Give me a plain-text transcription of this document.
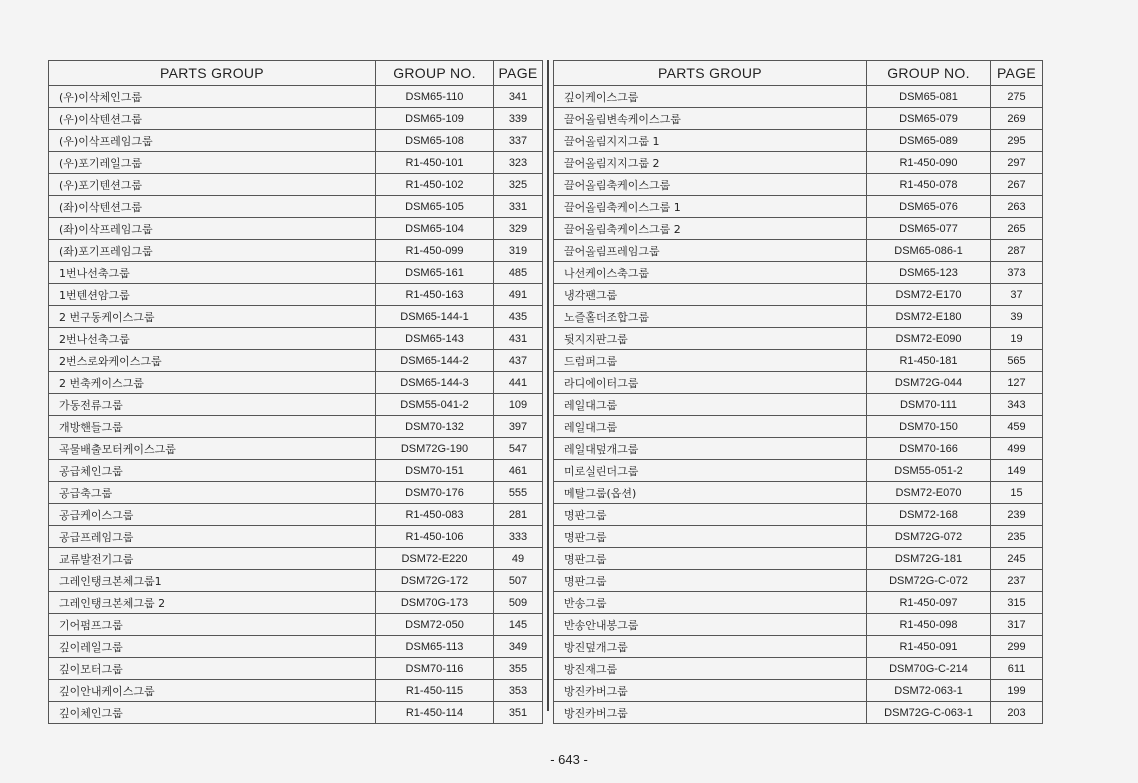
PARTS GROUP	GROUP NO.	PAGE
(우)이삭체인그룹	DSM65-110	341
(우)이삭텐션그룹	DSM65-109	339
(우)이삭프레임그룹	DSM65-108	337
(우)포기레일그룹	R1-450-101	323
(우)포기텐션그룹	R1-450-102	325
(좌)이삭텐션그룹	DSM65-105	331
(좌)이삭프레임그룹	DSM65-104	329
(좌)포기프레임그룹	R1-450-099	319
1번나선축그룹	DSM65-161	485
1번텐션암그룹	R1-450-163	491
2 번구동케이스그룹	DSM65-144-1	435
2번나선축그룹	DSM65-143	431
2번스로와케이스그룹	DSM65-144-2	437
2 번축케이스그룹	DSM65-144-3	441
가동전류그룹	DSM55-041-2	109
개방핸들그룹	DSM70-132	397
곡물배출모터케이스그룹	DSM72G-190	547
공급체인그룹	DSM70-151	461
공급축그룹	DSM70-176	555
공급케이스그룹	R1-450-083	281
공급프레임그룹	R1-450-106	333
교류발전기그룹	DSM72-E220	49
그레인탱크본체그룹1	DSM72G-172	507
그레인탱크본체그룹 2	DSM70G-173	509
기어펌프그룹	DSM72-050	145
깊이레일그룹	DSM65-113	349
깊이모터그룹	DSM70-116	355
깊이안내케이스그룹	R1-450-115	353
깊이체인그룹	R1-450-114	351
PARTS GROUP	GROUP NO.	PAGE
깊이케이스그룹	DSM65-081	275
끌어올림변속케이스그룹	DSM65-079	269
끌어올림지지그룹 1	DSM65-089	295
끌어올림지지그룹 2	R1-450-090	297
끌어올림축케이스그룹	R1-450-078	267
끌어올림축케이스그룹 1	DSM65-076	263
끌어올림축케이스그룹 2	DSM65-077	265
끌어올림프레임그룹	DSM65-086-1	287
나선케이스축그룹	DSM65-123	373
냉각팬그룹	DSM72-E170	37
노즐홀더조합그룹	DSM72-E180	39
뒷지지판그룹	DSM72-E090	19
드럼퍼그룹	R1-450-181	565
라디에이터그룹	DSM72G-044	127
레일대그룹	DSM70-111	343
레일대그룹	DSM70-150	459
레일대덮개그룹	DSM70-166	499
미로실린더그룹	DSM55-051-2	149
메탈그룹(옵션)	DSM72-E070	15
명판그룹	DSM72-168	239
명판그룹	DSM72G-072	235
명판그룹	DSM72G-181	245
명판그룹	DSM72G-C-072	237
반송그룹	R1-450-097	315
반송안내봉그룹	R1-450-098	317
방진덮개그룹	R1-450-091	299
방진재그룹	DSM70G-C-214	611
방진카버그룹	DSM72-063-1	199
방진카버그룹	DSM72G-C-063-1	203
- 643 -
